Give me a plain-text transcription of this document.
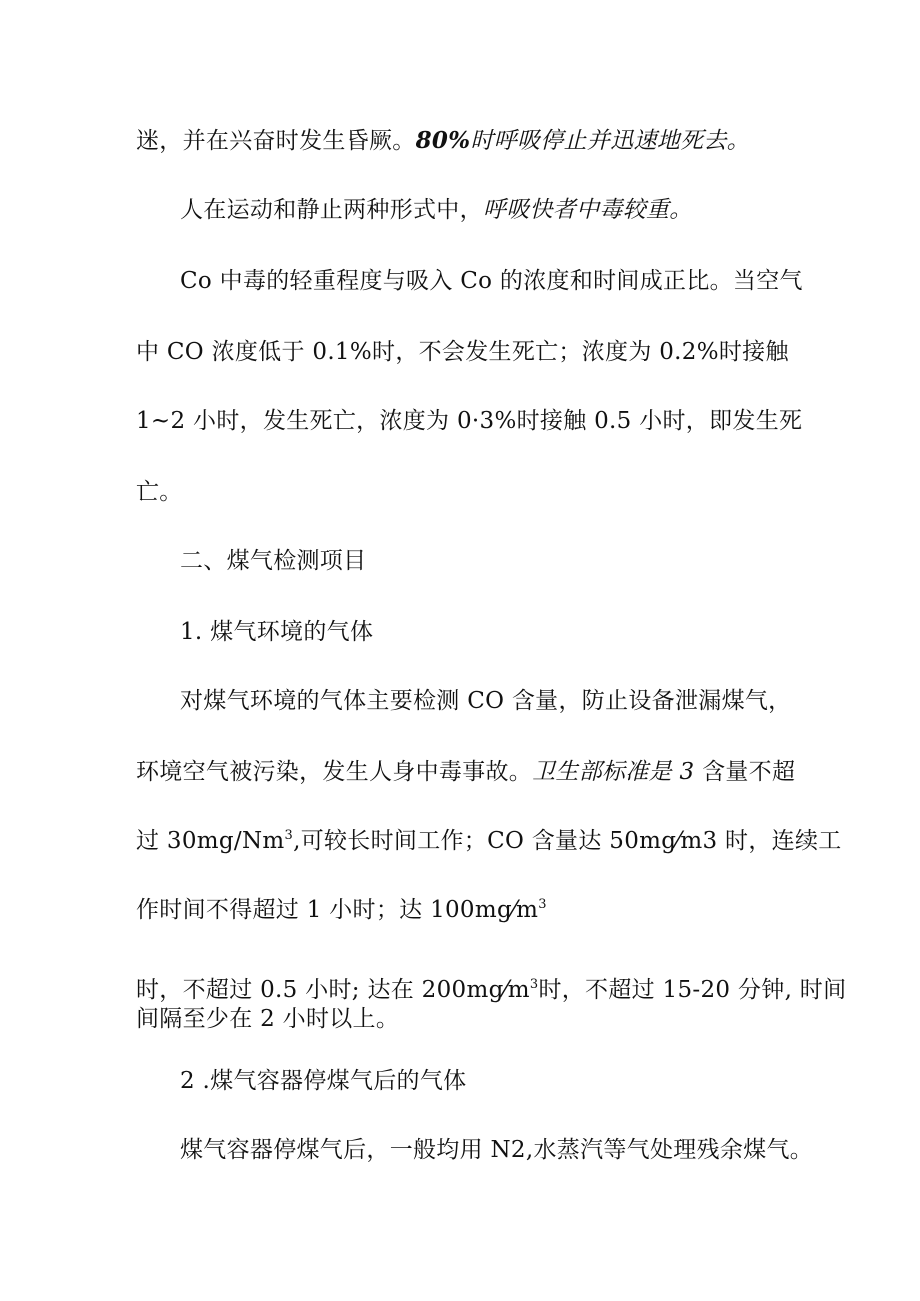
迷，并在兴奋时发生昏厥。80%时呼吸停止并迅速地死去。
人在运动和静止两种形式中，呼吸快者中毒较重。
Co 中毒的轻重程度与吸入 Co 的浓度和时间成正比。当空气
中 CO 浓度低于 0.1%时，不会发生死亡；浓度为 0.2%时接触
1~2 小时，发生死亡，浓度为 0·3%时接触 0.5 小时，即发生死
亡。
二、煤气检测项目
1. 煤气环境的气体
对煤气环境的气体主要检测 CO 含量，防止设备泄漏煤气，
环境空气被污染，发生人身中毒事故。卫生部标准是 3 含量不超
过 30mg/Nm$^3$,可较长时间工作；CO 含量达 50mg⁄m3 时，连续工
作时间不得超过 1 小时；达 $100mg⁄m^3$
时，不超过 0.5 小时; 达在 $200mg⁄m^3$时，不超过 15-20 分钟, 时间
间隔至少在 2 小时以上。
2 .煤气容器停煤气后的气体
煤气容器停煤气后，一般均用 N2,水蒸汽等气处理残余煤气。
